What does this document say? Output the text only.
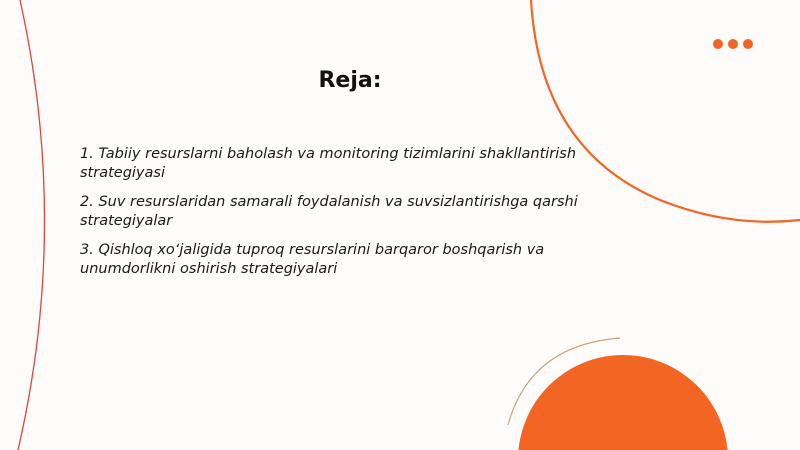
Reja:
1. Tabiiy resurslarni baholash va monitoring tizimlarini shakllantirish strategiyasi
2. Suv resurslaridan samarali foydalanish va suvsizlantirishga qarshi strategiyalar
3. Qishloq xo‘jaligida tuproq resurslarini barqaror boshqarish va unumdorlikni oshirish strategiyalari
